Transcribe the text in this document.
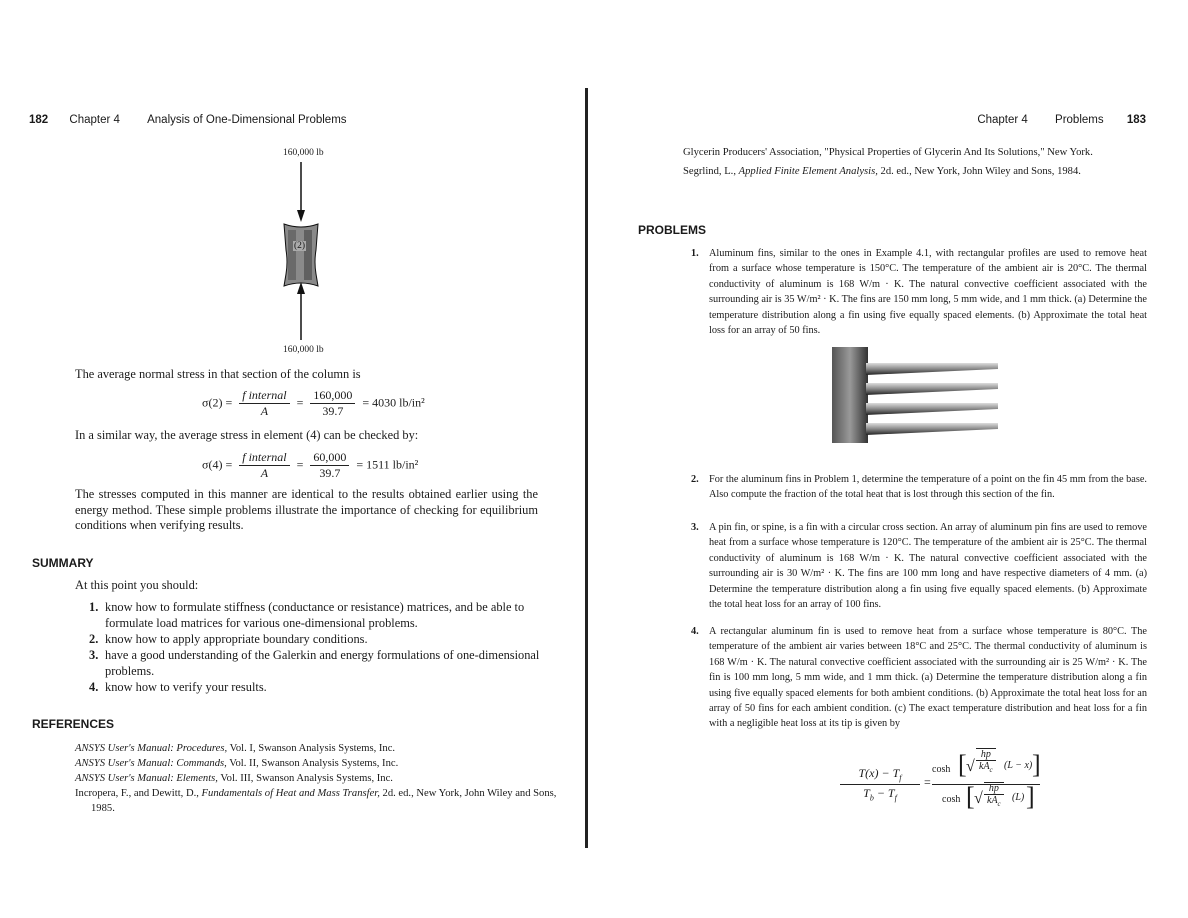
182 Chapter 4 Analysis of One-Dimensional Problems
160,000 lb
(2)
160,000 lb
The average normal stress in that section of the column is
$\sigma(2) = \frac{\text{f internal}}{A} = \frac{160,000}{39.7} = 4030$ lb/in²
In a similar way, the average stress in element (4) can be checked by:
$\sigma(4) = \frac{\text{f internal}}{A} = \frac{60,000}{39.7} = 1511$ lb/in²
The stresses computed in this manner are identical to the results obtained earlier using the energy method. These simple problems illustrate the importance of checking for equilibrium conditions when verifying results.
SUMMARY
At this point you should:
1. know how to formulate stiffness (conductance or resistance) matrices, and be able to formulate load matrices for various one-dimensional problems.
2. know how to apply appropriate boundary conditions.
3. have a good understanding of the Galerkin and energy formulations of one-dimensional problems.
4. know how to verify your results.
REFERENCES
ANSYS User's Manual: Procedures, Vol. I, Swanson Analysis Systems, Inc.
ANSYS User's Manual: Commands, Vol. II, Swanson Analysis Systems, Inc.
ANSYS User's Manual: Elements, Vol. III, Swanson Analysis Systems, Inc.
Incropera, F., and Dewitt, D., Fundamentals of Heat and Mass Transfer, 2d. ed., New York, John Wiley and Sons, 1985.
Chapter 4 Problems 183
Glycerin Producers' Association, "Physical Properties of Glycerin And Its Solutions," New York.
Segrlind, L., Applied Finite Element Analysis, 2d. ed., New York, John Wiley and Sons, 1984.
PROBLEMS
1. Aluminum fins, similar to the ones in Example 4.1, with rectangular profiles are used to remove heat from a surface whose temperature is 150°C. The temperature of the ambient air is 20°C. The thermal conductivity of aluminum is 168 W/m · K. The natural convective coefficient associated with the surrounding air is 35 W/m² · K. The fins are 150 mm long, 5 mm wide, and 1 mm thick. (a) Determine the temperature distribution along a fin using five equally spaced elements. (b) Approximate the total heat loss for an array of 50 fins.
2. For the aluminum fins in Problem 1, determine the temperature of a point on the fin 45 mm from the base. Also compute the fraction of the total heat that is lost through this section of the fin.
3. A pin fin, or spine, is a fin with a circular cross section. An array of aluminum pin fins are used to remove heat from a surface whose temperature is 120°C. The temperature of the ambient air is 25°C. The thermal conductivity of aluminum is 168 W/m · K. The natural convective coefficient associated with the surrounding air is 30 W/m² · K. The fins are 100 mm long and have respective diameters of 4 mm. (a) Determine the temperature distribution along a fin using five equally spaced elements. (b) Approximate the total heat loss for an array of 100 fins.
4. A rectangular aluminum fin is used to remove heat from a surface whose temperature is 80°C. The temperature of the ambient air varies between 18°C and 25°C. The thermal conductivity of aluminum is 168 W/m · K. The natural convective coefficient associated with the surrounding air is 25 W/m² · K. The fin is 100 mm long, 5 mm wide, and 1 mm thick. (a) Determine the temperature distribution along a fin using five equally spaced elements for both ambient conditions. (b) Approximate the total heat loss for an array of 50 fins for each ambient condition. (c) The exact temperature distribution and heat loss for a fin with a negligible heat loss at its tip is given by
$\frac{T(x) - T_f}{T_b - T_f}$ =
cosh [ √
hp
$kA_c$	(L − x) ]
cosh [ √
hp
$kA_c$
(L) ]
